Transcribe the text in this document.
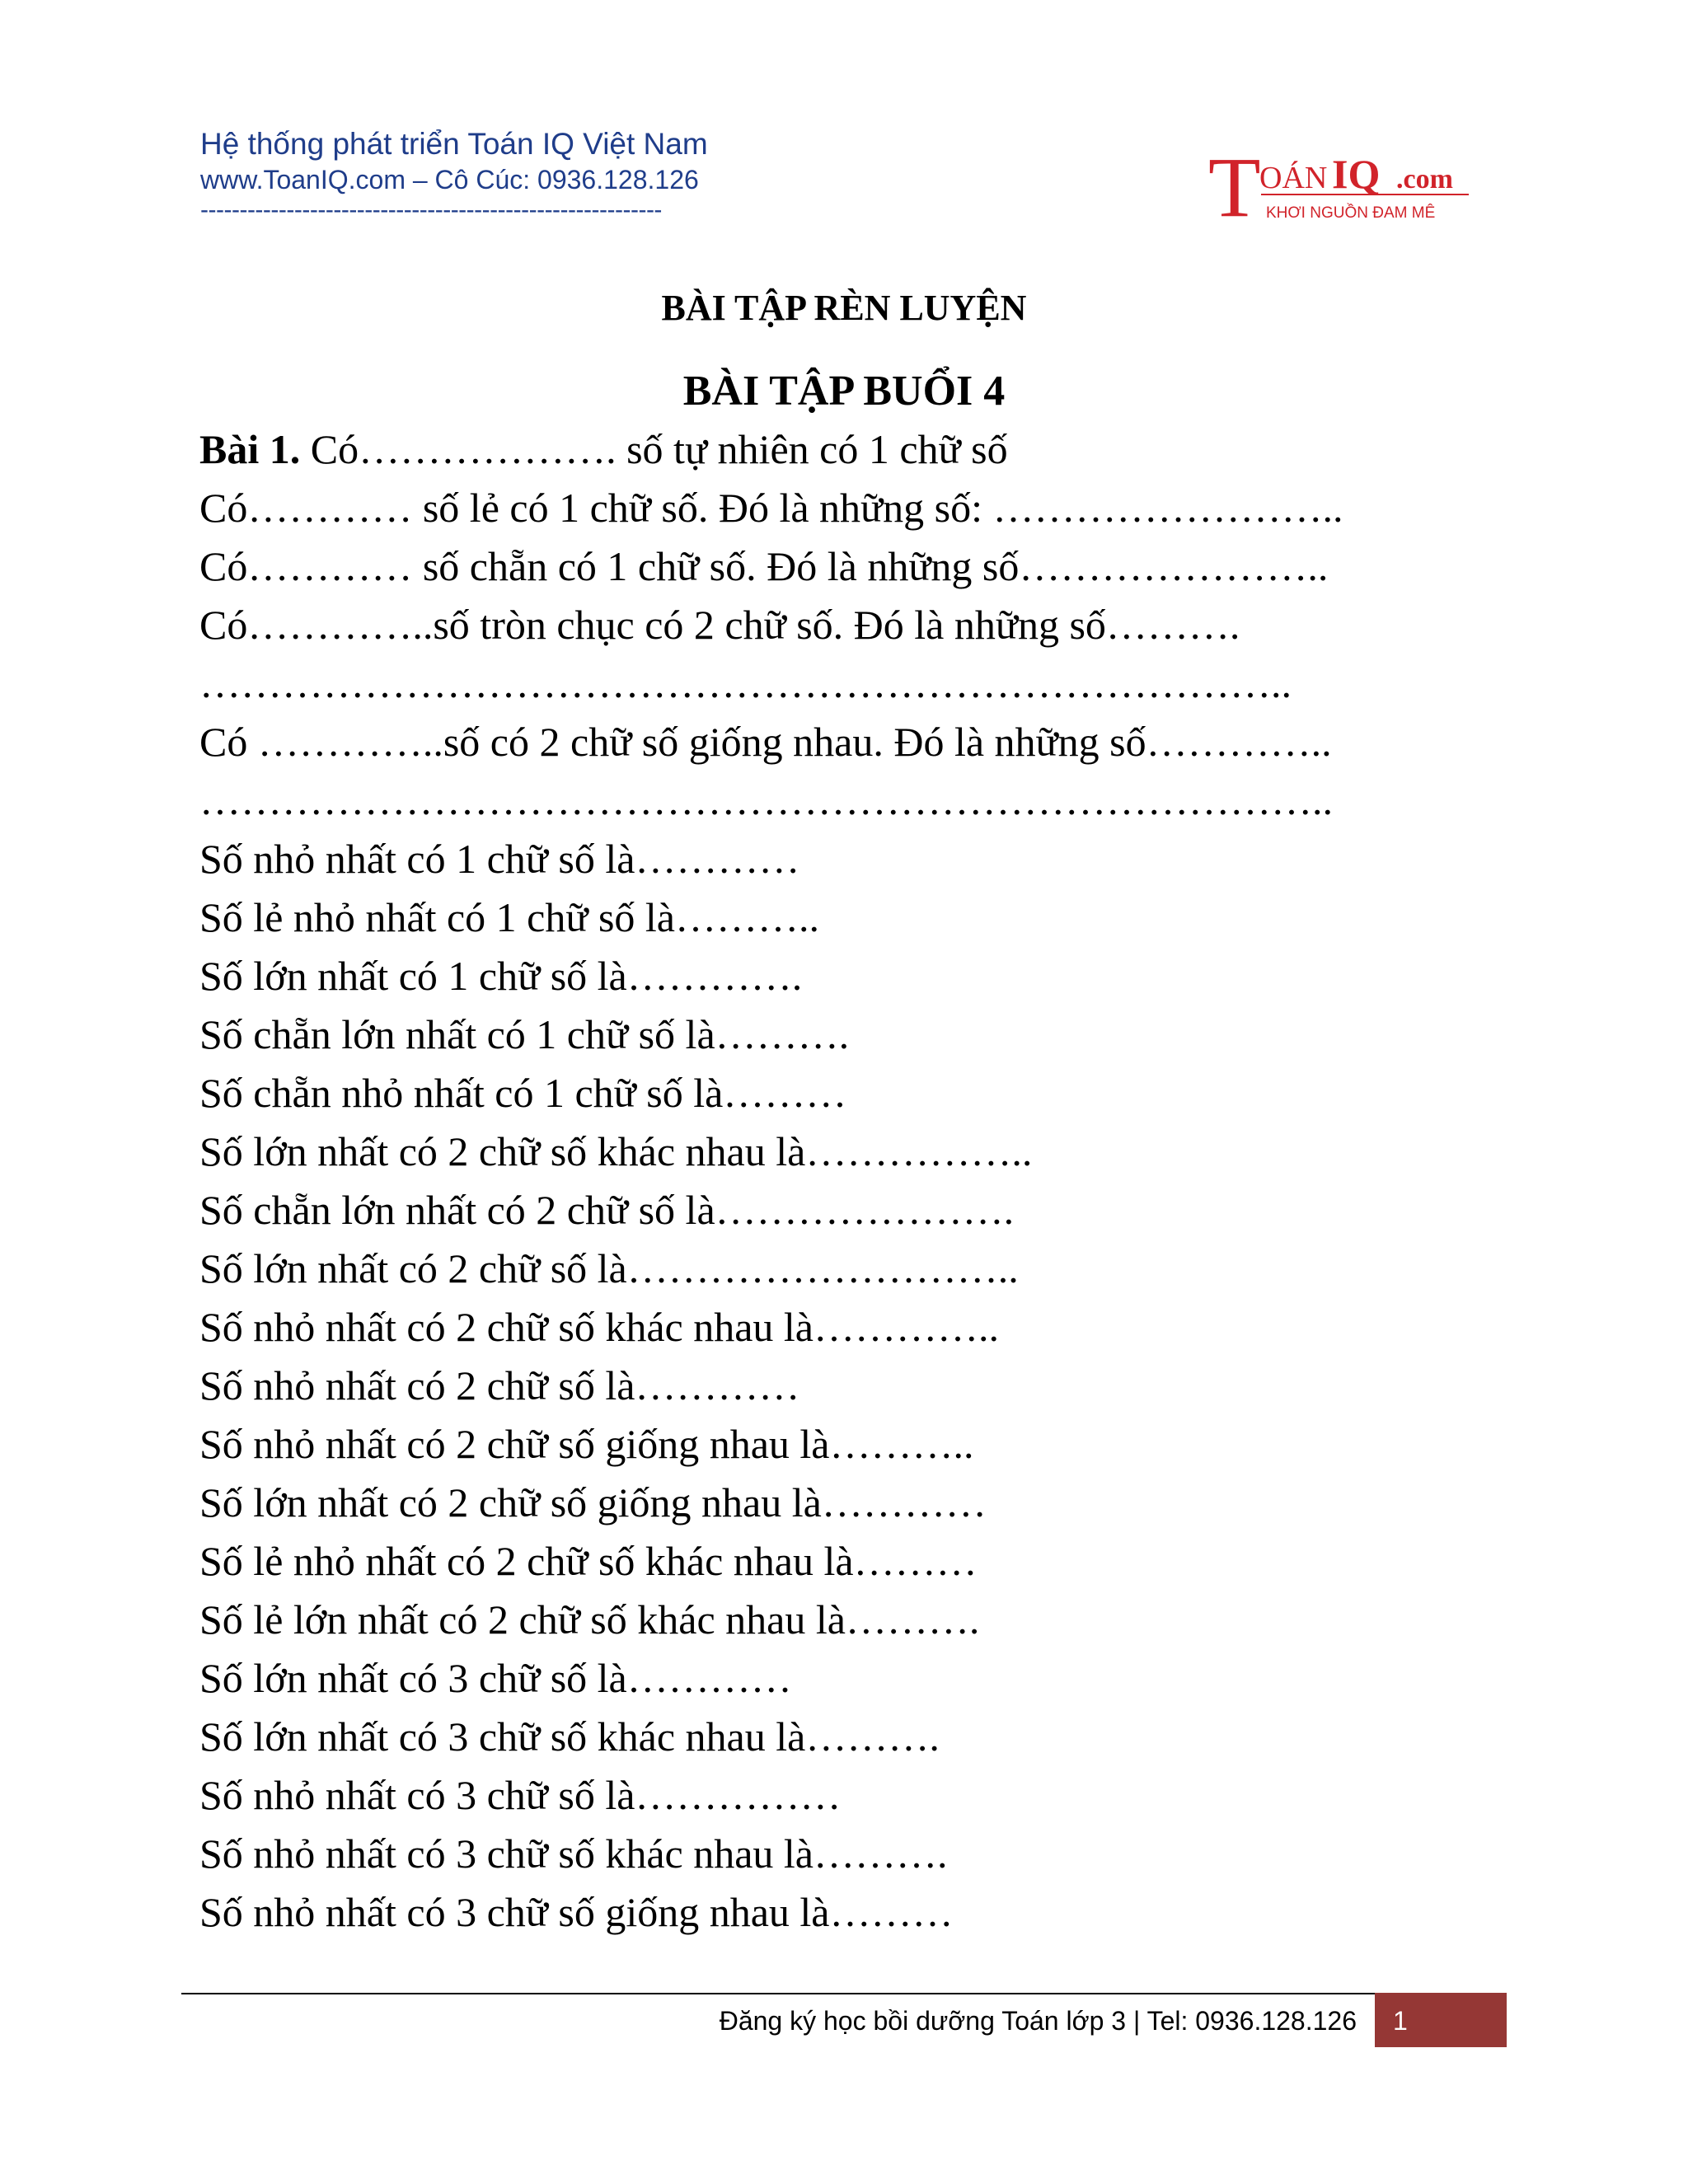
Hệ thống phát triển Toán IQ Việt Nam
www.ToanIQ.com – Cô Cúc: 0936.128.126
-----------------------------------------------------------	T
OÁN IQ .com
KHƠI NGUỒN ĐAM MÊ
BÀI TẬP RÈN LUYỆN
BÀI TẬP BUỔI 4
Bài 1. Có………………. số tự nhiên có 1 chữ số
Có………… số lẻ có 1 chữ số. Đó là những số: ……………………..
Có………… số chẵn có 1 chữ số. Đó là những số…………………..
Có…………..số tròn chục có 2 chữ số. Đó là những số……….
……………………………………………………………………..
Có …………..số có 2 chữ số giống nhau. Đó là những số…………..
………………………………………………………………………..
Số nhỏ nhất có 1 chữ số là…………
Số lẻ nhỏ nhất có 1 chữ số là………..
Số lớn nhất có 1 chữ số là………….
Số chẵn lớn nhất có 1 chữ số là……….
Số chẵn nhỏ nhất có 1 chữ số là………
Số lớn nhất có 2 chữ số khác nhau là……………..
Số chẵn lớn nhất có 2 chữ số là………………….
Số lớn nhất có 2 chữ số là………………………..
Số nhỏ nhất có 2 chữ số khác nhau là…………..
Số nhỏ nhất có 2 chữ số là…………
Số nhỏ nhất có 2 chữ số giống nhau là………..
Số lớn nhất có 2 chữ số giống nhau là…………
Số lẻ nhỏ nhất có 2 chữ số khác nhau là………
Số lẻ lớn nhất có 2 chữ số khác nhau là……….
Số lớn nhất có 3 chữ số là…………
Số lớn nhất có 3 chữ số khác nhau là……….
Số nhỏ nhất có 3 chữ số là……………
Số nhỏ nhất có 3 chữ số khác nhau là……….
Số nhỏ nhất có 3 chữ số giống nhau là………
Đăng ký học bồi dưỡng Toán lớp 3 | Tel: 0936.128.126 1
